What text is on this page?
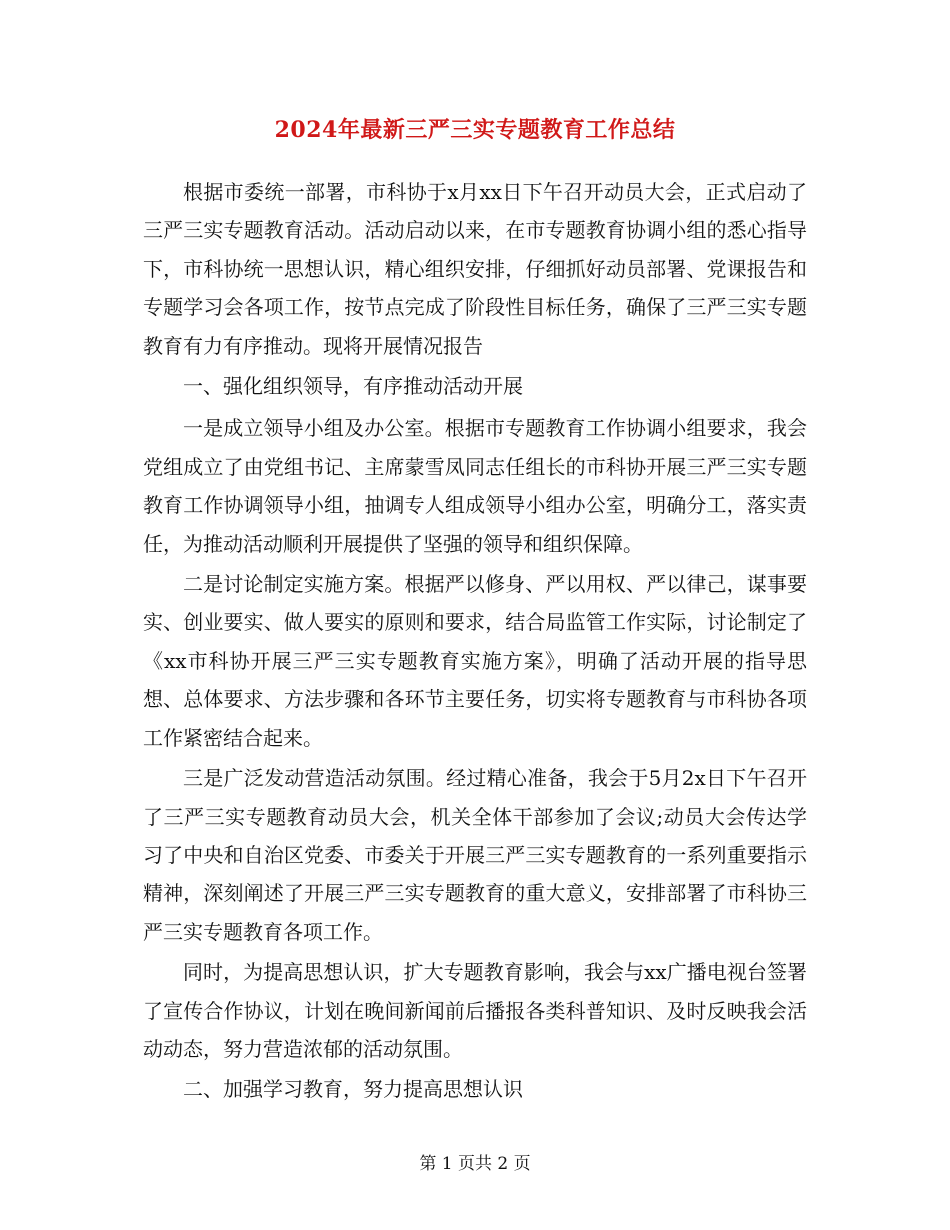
2024年最新三严三实专题教育工作总结

根据市委统一部署，市科协于x月xx日下午召开动员大会，正式启动了三严三实专题教育活动。活动启动以来，在市专题教育协调小组的悉心指导下，市科协统一思想认识，精心组织安排，仔细抓好动员部署、党课报告和专题学习会各项工作，按节点完成了阶段性目标任务，确保了三严三实专题教育有力有序推动。现将开展情况报告

一、强化组织领导，有序推动活动开展

一是成立领导小组及办公室。根据市专题教育工作协调小组要求，我会党组成立了由党组书记、主席蒙雪凤同志任组长的市科协开展三严三实专题教育工作协调领导小组，抽调专人组成领导小组办公室，明确分工，落实责任，为推动活动顺利开展提供了坚强的领导和组织保障。

二是讨论制定实施方案。根据严以修身、严以用权、严以律己，谋事要实、创业要实、做人要实的原则和要求，结合局监管工作实际，讨论制定了《xx市科协开展三严三实专题教育实施方案》，明确了活动开展的指导思想、总体要求、方法步骤和各环节主要任务，切实将专题教育与市科协各项工作紧密结合起来。

三是广泛发动营造活动氛围。经过精心准备，我会于5月2x日下午召开了三严三实专题教育动员大会，机关全体干部参加了会议;动员大会传达学习了中央和自治区党委、市委关于开展三严三实专题教育的一系列重要指示精神，深刻阐述了开展三严三实专题教育的重大意义，安排部署了市科协三严三实专题教育各项工作。

同时，为提高思想认识，扩大专题教育影响，我会与xx广播电视台签署了宣传合作协议，计划在晚间新闻前后播报各类科普知识、及时反映我会活动动态，努力营造浓郁的活动氛围。

二、加强学习教育，努力提高思想认识

第 1 页共 2 页
